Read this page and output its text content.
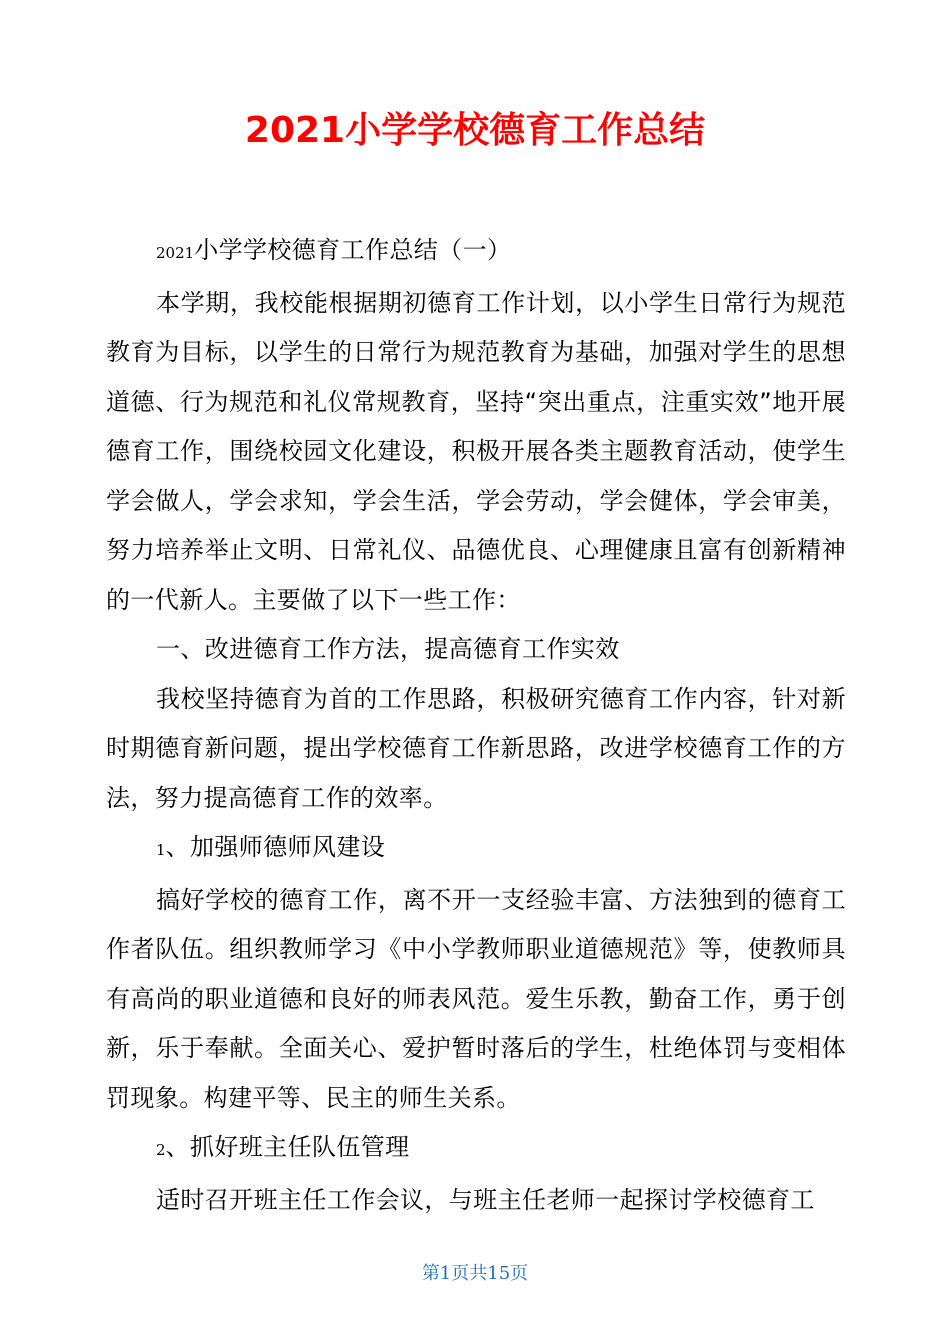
2021小学学校德育工作总结

2021小学学校德育工作总结（一）

本学期，我校能根据期初德育工作计划，以小学生日常行为规范教育为目标，以学生的日常行为规范教育为基础，加强对学生的思想道德、行为规范和礼仪常规教育，坚持“突出重点，注重实效”地开展德育工作，围绕校园文化建设，积极开展各类主题教育活动，使学生学会做人，学会求知，学会生活，学会劳动，学会健体，学会审美，努力培养举止文明、日常礼仪、品德优良、心理健康且富有创新精神的一代新人。主要做了以下一些工作：

一、改进德育工作方法，提高德育工作实效

我校坚持德育为首的工作思路，积极研究德育工作内容，针对新时期德育新问题，提出学校德育工作新思路，改进学校德育工作的方法，努力提高德育工作的效率。

1、加强师德师风建设

搞好学校的德育工作，离不开一支经验丰富、方法独到的德育工作者队伍。组织教师学习《中小学教师职业道德规范》等，使教师具有高尚的职业道德和良好的师表风范。爱生乐教，勤奋工作，勇于创新，乐于奉献。全面关心、爱护暂时落后的学生，杜绝体罚与变相体罚现象。构建平等、民主的师生关系。

2、抓好班主任队伍管理

适时召开班主任工作会议，与班主任老师一起探讨学校德育工

第1页共15页
